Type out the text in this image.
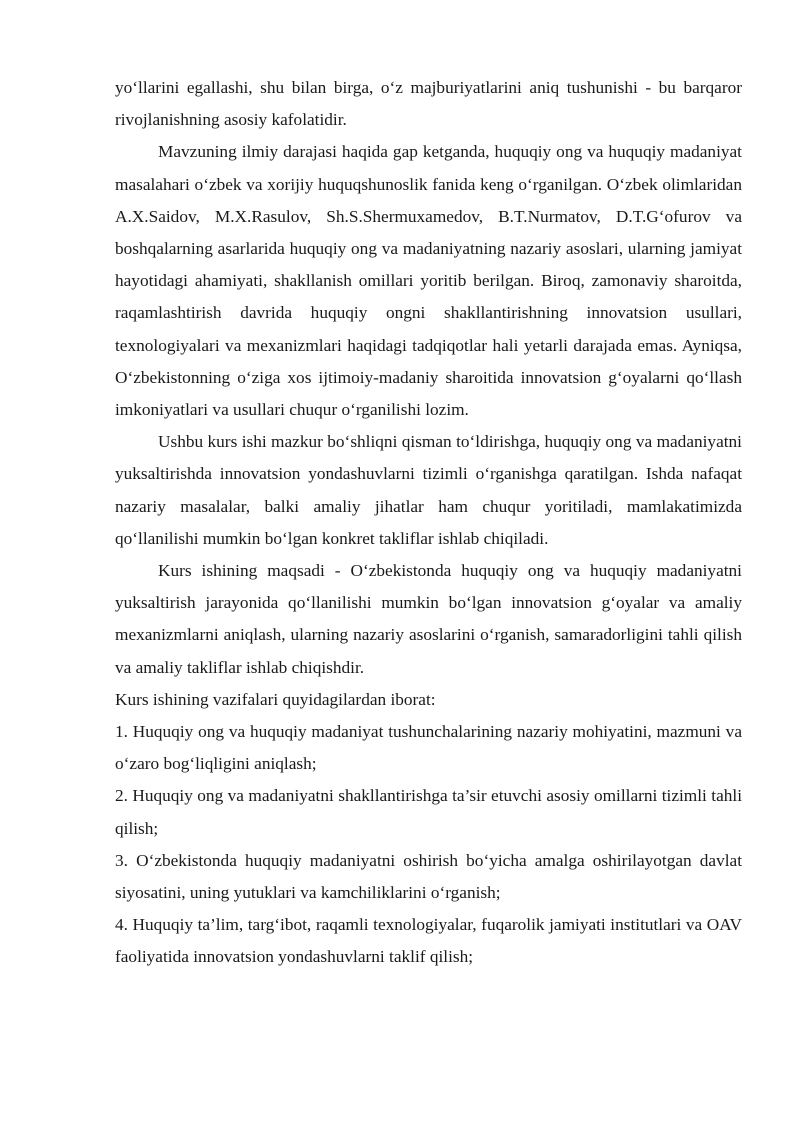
yo‘llarini egallashi, shu bilan birga, o‘z majburiyatlarini aniq tushunishi - bu barqaror rivojlanishning asosiy kafolatidir.

Mavzuning ilmiy darajasi haqida gap ketganda, huquqiy ong va huquqiy madaniyat masalahari o‘zbek va xorijiy huquqshunoslik fanida keng o‘rganilgan. O‘zbek olimlaridan A.X.Saidov, M.X.Rasulov, Sh.S.Shermuxamedov, B.T.Nurmatov, D.T.G‘ofurov va boshqalarning asarlarida huquqiy ong va madaniyatning nazariy asoslari, ularning jamiyat hayotidagi ahamiyati, shakllanish omillari yoritib berilgan. Biroq, zamonaviy sharoitda, raqamlashtirish davrida huquqiy ongni shakllantirishning innovatsion usullari, texnologiyalari va mexanizmlari haqidagi tadqiqotlar hali yetarli darajada emas. Ayniqsa, O‘zbekistonning o‘ziga xos ijtimoiy-madaniy sharoitida innovatsion g‘oyalarni qo‘llash imkoniyatlari va usullari chuqur o‘rganilishi lozim.

Ushbu kurs ishi mazkur bo‘shliqni qisman to‘ldirishga, huquqiy ong va madaniyatni yuksaltirishda innovatsion yondashuvlarni tizimli o‘rganishga qaratilgan. Ishda nafaqat nazariy masalalar, balki amaliy jihatlar ham chuqur yoritiladi, mamlakatimizda qo‘llanilishi mumkin bo‘lgan konkret takliflar ishlab chiqiladi.

Kurs ishining maqsadi - O‘zbekistonda huquqiy ong va huquqiy madaniyatni yuksaltirish jarayonida qo‘llanilishi mumkin bo‘lgan innovatsion g‘oyalar va amaliy mexanizmlarni aniqlash, ularning nazariy asoslarini o‘rganish, samaradorligini tahli qilish va amaliy takliflar ishlab chiqishdir.

Kurs ishining vazifalari quyidagilardan iborat:

1. Huquqiy ong va huquqiy madaniyat tushunchalarining nazariy mohiyatini, mazmuni va o‘zaro bog‘liqligini aniqlash;

2. Huquqiy ong va madaniyatni shakllantirishga ta’sir etuvchi asosiy omillarni tizimli tahli qilish;

3. O‘zbekistonda huquqiy madaniyatni oshirish bo‘yicha amalga oshirilayotgan davlat siyosatini, uning yutuklari va kamchiliklarini o‘rganish;

4. Huquqiy ta’lim, targ‘ibot, raqamli texnologiyalar, fuqarolik jamiyati institutlari va OAV faoliyatida innovatsion yondashuvlarni taklif qilish;
